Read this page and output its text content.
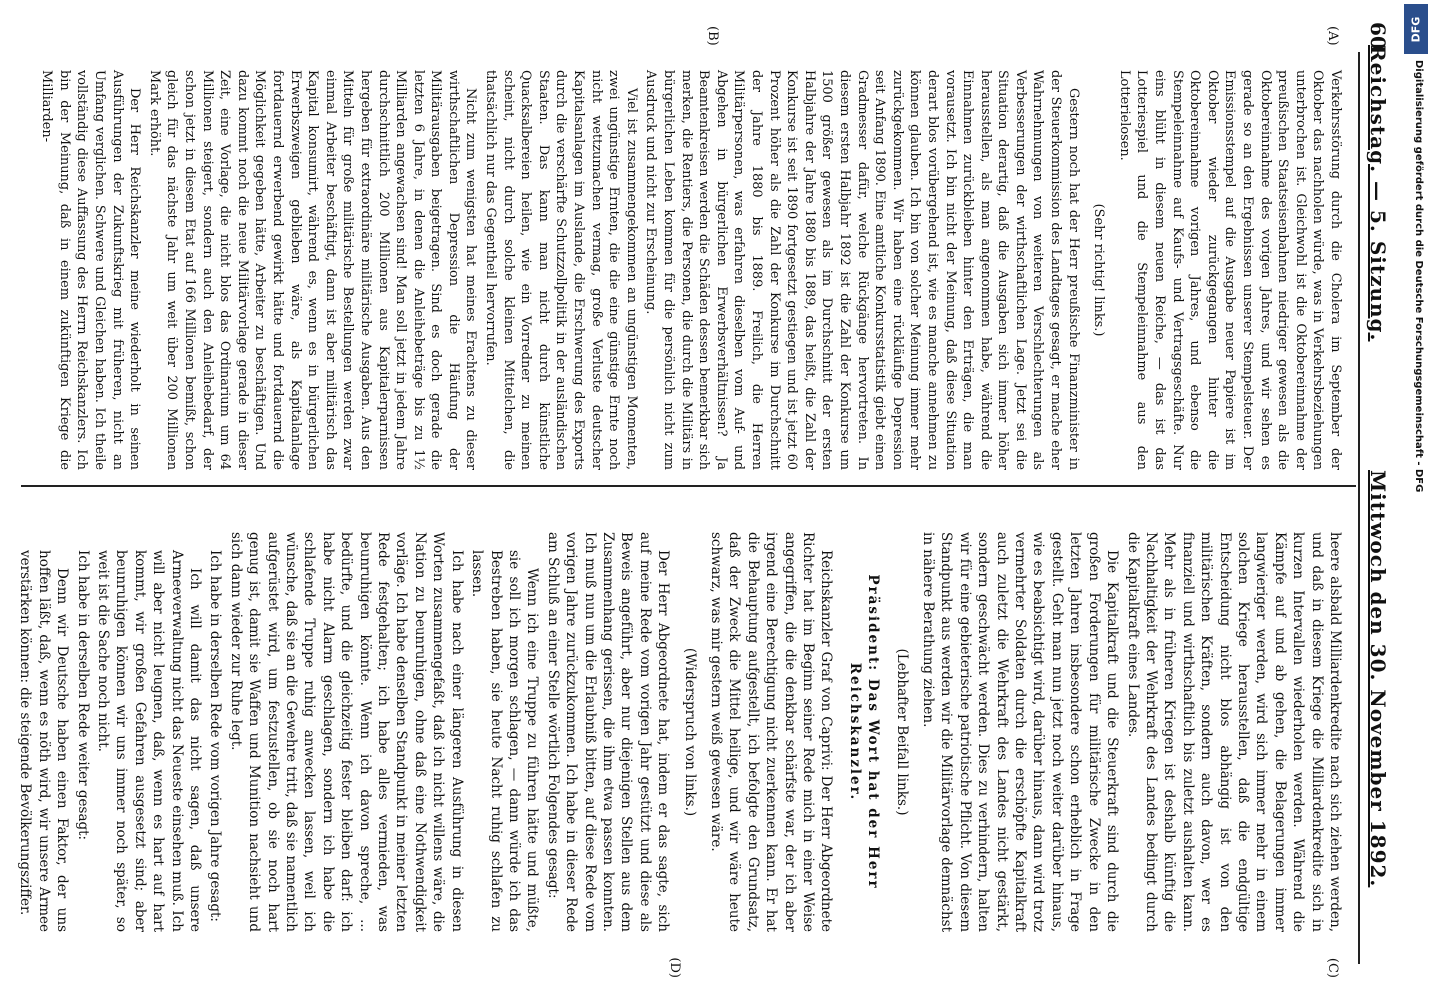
60
Reichstag. — 5. Sitzung.
Mittwoch den 30. November 1892.
(A)
(B)
(C)
(D)

Verkehrsstörung durch die Cholera im September der Oktober das nachholen würde, was in Verkehrsbeziehungen unterbrochen ist. Gleichwohl ist die Oktobereinnahme der preußischen Staatseisenbahnen niedriger gewesen als die Oktobereinnahme des vorigen Jahres, und wir sehen es gerade so an den Ergebnissen unserer Stempelsteuer. Der Emissionsstempel auf die Ausgabe neuer Papiere ist im Oktober wieder zurückgegangen hinter die Oktobereinnahme vorigen Jahres, und ebenso die Stempeleinnahme auf Kaufs- und Vertragsgeschäfte. Nur eins blüht in diesem neuen Reiche, — das ist das Lotteriespiel und die Stempeleinnahme aus den Lotterielosen.

(Sehr richtig! links.)

Gestern noch hat der Herr preußische Finanzminister in der Steuerkommission des Landtages gesagt, er mache eher Wahrnehmungen von weiteren Verschlechterungen als Verbesserungen der wirthschaftlichen Lage. Jetzt sei die Situation derartig, daß die Ausgaben sich immer höher herausstellen, als man angenommen habe, während die Einnahmen zurückbleiben hinter den Erträgen, die man vorausetzt. Ich bin nicht der Meinung, daß diese Situation derart blos vorübergehend ist, wie es manche annehmen zu können glauben. Ich bin von solcher Meinung immer mehr zurückgekommen. Wir haben eine rückläufige Depression seit Anfang 1890. Eine amtliche Konkursstatistik giebt einen Gradmesser dafür, welche Rückgänge hervortreten. In diesem ersten Halbjahr 1892 ist die Zahl der Konkurse um 1500 größer gewesen als im Durchschnitt der ersten Halbjahre der Jahre 1880 bis 1889, das heißt, die Zahl der Konkurse ist seit 1890 fortgesetzt gestiegen und ist jetzt 60 Prozent höher als die Zahl der Konkurse im Durchschnitt der Jahre 1880 bis 1889. Freilich, die Herren Militärpersonen, was erfahren dieselben vom Auf- und Abgehen in bürgerlichen Erwerbsverhältnissen? Ja Beamtenkreisen werden die Schäden dessen bemerkbar sich merken, die Rentiers, die Personen, die durch die Militärs in bürgerlichen Leben kommen für die persönlich nicht zum Ausdruck und nicht zur Erscheinung.

Viel ist zusammengekommen an ungünstigen Momenten, zwei ungünstige Ernten, die die eine günstige Ernte noch nicht wettzumachen vermag, große Verluste deutscher Kapitalsanlagen im Auslande, die Erschwerung des Exports durch die verschärfte Schutzzollpolitik in der ausländischen Staaten. Das kann man nicht durch künstliche Quacksalbereien heilen, wie ein Vorredner zu meinen scheint, nicht durch solche kleinen Mittelchen, die thatsächlich nur das Gegentheil hervorrufen.

Nicht zum wenigsten hat meines Erachtens zu dieser wirthschaftlichen Depression die Häufung der Militärausgaben beigetragen. Sind es doch gerade die letzten 6 Jahre, in denen die Anleihebeträge bis zu 1½ Milliarden angewachsen sind! Man soll jetzt in jedem Jahre durchschnittlich 200 Millionen aus Kapitalerparnissen hergeben für extraordinäre militärische Ausgaben. Aus den Mitteln für große militärische Bestellungen werden zwar einmal Arbeiter beschäftigt, dann ist aber militärisch das Kapital konsumirt, während es, wenn es in bürgerlichen Erwerbszweigen geblieben wäre, als Kapitalanlage fortdauernd erwerbend gewirkt hätte und fortdauernd die Möglichkeit gegeben hätte, Arbeiter zu beschäftigen. Und dazu kommt noch die neue Militärvorlage gerade in dieser Zeit, eine Vorlage, die nicht blos das Ordinarium um 64 Millionen steigert, sondern auch den Anleihebedarf, der schon jetzt in diesem Etat auf 166 Millionen bemißt, schon gleich für das nächste Jahr um weit über 200 Millionen Mark erhöht.

Der Herr Reichskanzler meine wiederholt in seinen Ausführungen der Zukunftskrieg mit früheren, nicht an Umfang verglichen. Schwere und Gleichen haben. Ich theile vollständig diese Auffassung des Herrn Reichskanzlers. Ich bin der Meinung, daß in einem zukünftigen Kriege die Milliarden-

heere alsbald Milliardenkredite nach sich ziehen werden, und daß in diesem Kriege die Milliardenkredite sich in kurzen Intervallen wiederholen werden. Während die Kämpfe auf und ab gehen, die Belagerungen immer langwieriger werden, wird sich immer mehr in einem solchen Kriege herausstellen, daß die endgültige Entscheidung nicht blos abhängig ist von den militärischen Kräften, sondern auch davon, wer es finanziell und wirthschaftlich bis zuletzt aushalten kann. Mehr als in früheren Kriegen ist deshalb künftig die Nachhaltigkeit der Wehrkraft des Landes bedingt durch die Kapitalkraft eines Landes.

Die Kapitalkraft und die Steuerkraft sind durch die großen Forderungen für militärische Zwecke in den letzten Jahren insbesondere schon erheblich in Frage gestellt. Geht man nun jetzt noch weiter darüber hinaus, wie es beabsichtigt wird, darüber hinaus, dann wird trotz vermehrter Soldaten durch die erschöpfte Kapitalkraft auch zuletzt die Wehrkraft des Landes nicht gestärkt, sondern geschwächt werden. Dies zu verhindern, halten wir für eine gebieterische patriotische Pflicht. Von diesem Standpunkt aus werden wir die Militärvorlage demnächst in nähere Berathung ziehen.

(Lebhafter Beifall links.)

Präsident: Das Wort hat der Herr Reichskanzler.

Reichskanzler Graf von Caprivi: Der Herr Abgeordnete Richter hat im Beginn seiner Rede mich in einer Weise angegriffen, die die denkbar schärfste war, der ich aber irgend eine Berechtigung nicht zuerkennen kann. Er hat die Behauptung aufgestellt, ich befolgte den Grundsatz, daß der Zweck die Mittel heilige, und wir wäre heute schwarz, was mir gestern weiß gewesen wäre.

(Widerspruch von links.)

Der Herr Abgeordnete hat, indem er das sagte, sich auf meine Rede vom vorigen Jahr gestützt und diese als Beweis angeführt, aber nur diejenigen Stellen aus dem Zusammenhang gerissen, die ihm etwa passen konnten. Ich muß nun um die Erlaubniß bitten, auf diese Rede vom vorigen Jahre zurückzukommen. Ich habe in dieser Rede am Schluß an einer Stelle wörtlich Folgendes gesagt:

Wenn ich eine Truppe zu führen hätte und müßte, sie soll ich morgen schlagen, — dann würde ich das Bestreben haben, sie heute Nacht ruhig schlafen zu lassen.

Ich habe nach einer längeren Ausführung in diesen Worten zusammengefaßt, daß ich nicht willens wäre, die Nation zu beunruhigen, ohne daß eine Nothwendigkeit vorläge. Ich habe denselben Standpunkt in meiner letzten Rede festgehalten; ich habe alles vermieden, was beunruhigen könnte. Wenn ich davon spreche, ... bedürfte, und die gleichzeitig fester bleiben darf: ich habe nicht Alarm geschlagen, sondern ich habe die schlafende Truppe ruhig anwecken lassen, weil ich wünsche, daß sie an die Gewehre tritt, daß sie namentlich aufgerüstet wird, um festzustellen, ob sie noch hart genug ist, damit sie Waffen und Munition nachsieht und sich dann wieder zur Ruhe legt.

Ich habe in derselben Rede vom vorigen Jahre gesagt:

Ich will damit das nicht sagen, daß unsere Armeeverwaltung nicht das Neueste einsehen muß. Ich will aber nicht leugnen, daß, wenn es hart auf hart kommt, wir großen Gefahren ausgesetzt sind; aber beunruhigen können wir uns immer noch später, so weit ist die Sache noch nicht.

Ich habe in derselben Rede weiter gesagt:

Denn wir Deutsche haben einen Faktor, der uns hoffen läßt, daß, wenn es nöth wird, wir unsere Armee verstärken können: die steigende Bevölkerungsziffer.

DFG
Digitalisierung gefördert durch die Deutsche Forschungsgemeinschaft - DFG
